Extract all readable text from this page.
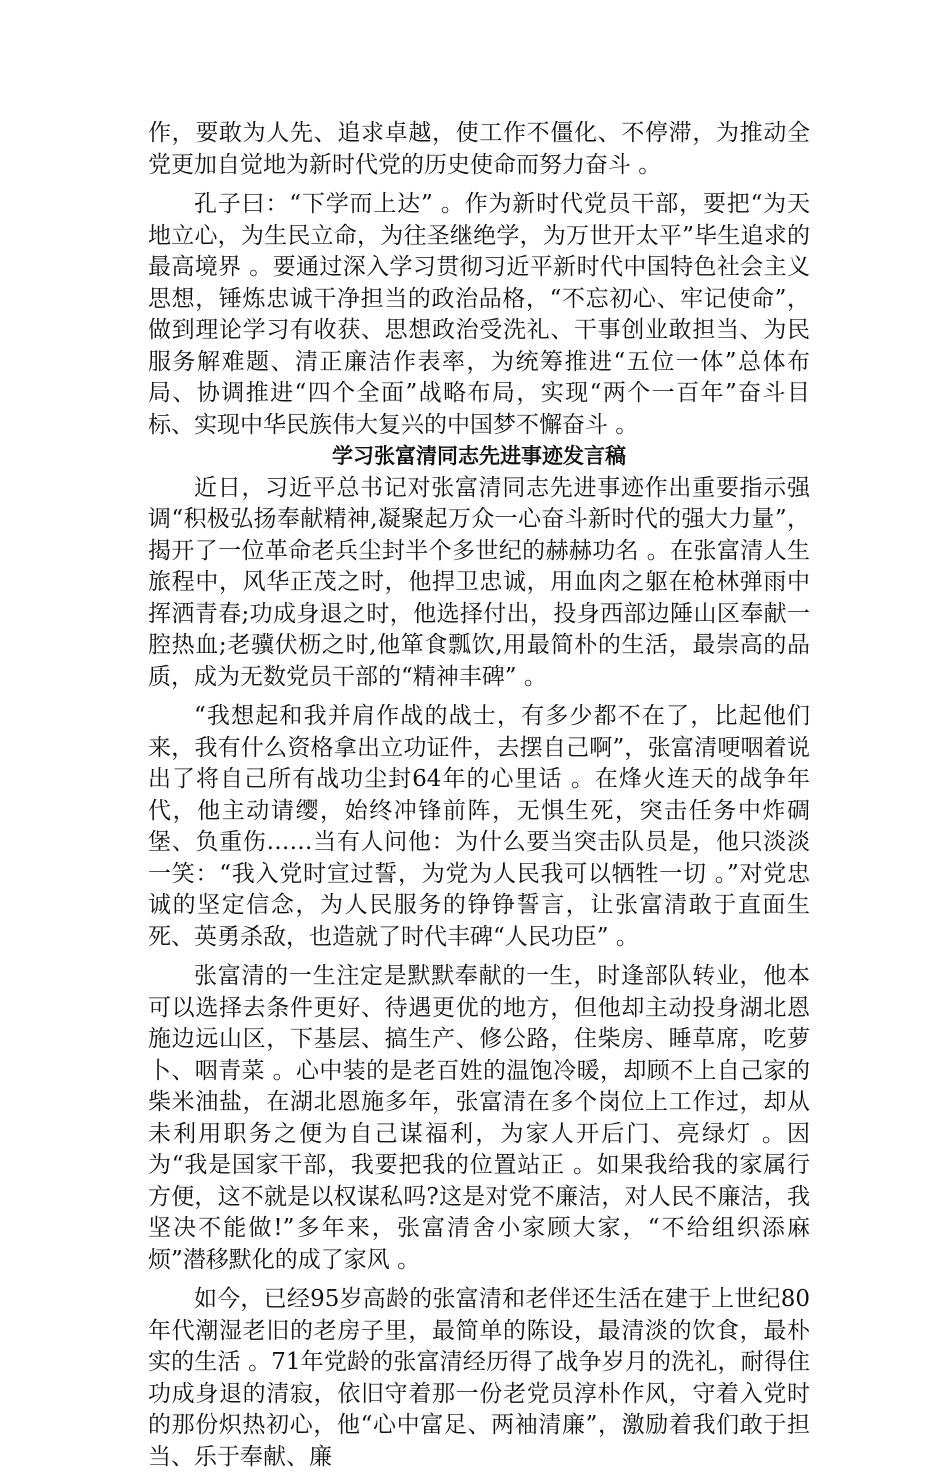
作，要敢为人先、追求卓越，使工作不僵化、不停滞，为推动全党更加自觉地为新时代党的历史使命而努力奋斗 。

孔子曰：“下学而上达” 。作为新时代党员干部，要把“为天地立心，为生民立命，为往圣继绝学，为万世开太平”毕生追求的最高境界 。要通过深入学习贯彻习近平新时代中国特色社会主义思想，锤炼忠诚干净担当的政治品格，“不忘初心、牢记使命”，做到理论学习有收获、思想政治受洗礼、干事创业敢担当、为民服务解难题、清正廉洁作表率，为统筹推进“五位一体”总体布局、协调推进“四个全面”战略布局，实现“两个一百年”奋斗目标、实现中华民族伟大复兴的中国梦不懈奋斗 。

学习张富清同志先进事迹发言稿

近日，习近平总书记对张富清同志先进事迹作出重要指示强调“积极弘扬奉献精神,凝聚起万众一心奋斗新时代的强大力量”，揭开了一位革命老兵尘封半个多世纪的赫赫功名 。在张富清人生旅程中，风华正茂之时，他捍卫忠诚，用血肉之躯在枪林弹雨中挥洒青春;功成身退之时，他选择付出，投身西部边陲山区奉献一腔热血;老骥伏枥之时,他箪食瓢饮,用最简朴的生活，最崇高的品质，成为无数党员干部的“精神丰碑” 。

“我想起和我并肩作战的战士，有多少都不在了，比起他们来，我有什么资格拿出立功证件，去摆自己啊”，张富清哽咽着说出了将自己所有战功尘封64年的心里话 。在烽火连天的战争年代，他主动请缨，始终冲锋前阵，无惧生死，突击任务中炸碉堡、负重伤……当有人问他：为什么要当突击队员是，他只淡淡一笑：“我入党时宣过誓，为党为人民我可以牺牲一切 。”对党忠诚的坚定信念，为人民服务的铮铮誓言，让张富清敢于直面生死、英勇杀敌，也造就了时代丰碑“人民功臣” 。

张富清的一生注定是默默奉献的一生，时逢部队转业，他本可以选择去条件更好、待遇更优的地方，但他却主动投身湖北恩施边远山区，下基层、搞生产、修公路，住柴房、睡草席，吃萝卜、咽青菜 。心中装的是老百姓的温饱冷暖，却顾不上自己家的柴米油盐，在湖北恩施多年，张富清在多个岗位上工作过，却从未利用职务之便为自己谋福利，为家人开后门、亮绿灯 。因为“我是国家干部，我要把我的位置站正 。如果我给我的家属行方便，这不就是以权谋私吗?这是对党不廉洁，对人民不廉洁，我坚决不能做!”多年来，张富清舍小家顾大家，“不给组织添麻烦”潜移默化的成了家风 。

如今，已经95岁高龄的张富清和老伴还生活在建于上世纪80年代潮湿老旧的老房子里，最简单的陈设，最清淡的饮食，最朴实的生活 。71年党龄的张富清经历得了战争岁月的洗礼，耐得住功成身退的清寂，依旧守着那一份老党员淳朴作风，守着入党时的那份炽热初心，他“心中富足、两袖清廉”，激励着我们敢于担当、乐于奉献、廉
